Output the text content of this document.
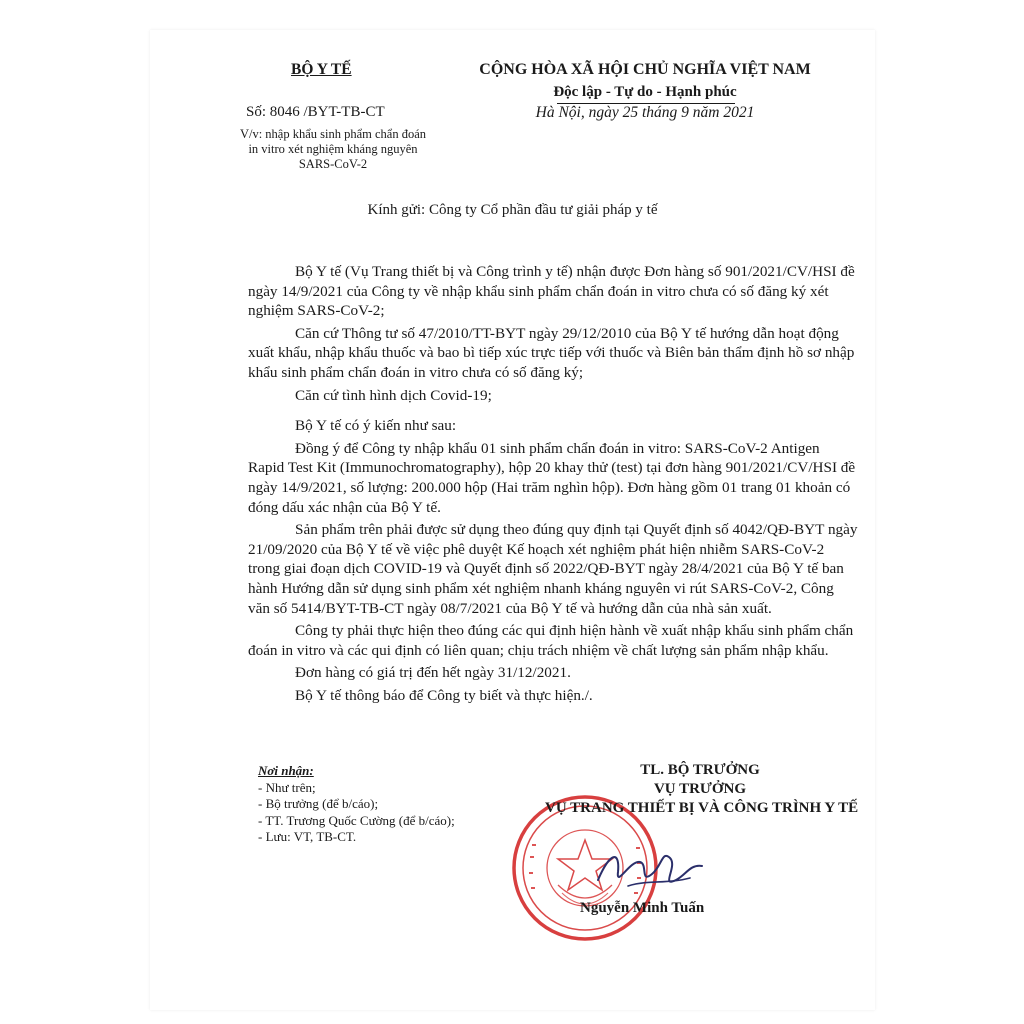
BỘ Y TẾ
Số: 8046 /BYT-TB-CT
V/v: nhập khẩu sinh phẩm chẩn đoán in vitro xét nghiệm kháng nguyên SARS-CoV-2
CỘNG HÒA XÃ HỘI CHỦ NGHĨA VIỆT NAM
Độc lập - Tự do - Hạnh phúc
Hà Nội, ngày 25 tháng 9 năm 2021
Kính gửi: Công ty Cổ phần đầu tư giải pháp y tế

Bộ Y tế (Vụ Trang thiết bị và Công trình y tế) nhận được Đơn hàng số 901/2021/CV/HSI đề ngày 14/9/2021 của Công ty về nhập khẩu sinh phẩm chẩn đoán in vitro chưa có số đăng ký xét nghiệm SARS-CoV-2;

Căn cứ Thông tư số 47/2010/TT-BYT ngày 29/12/2010 của Bộ Y tế hướng dẫn hoạt động xuất khẩu, nhập khẩu thuốc và bao bì tiếp xúc trực tiếp với thuốc và Biên bản thẩm định hồ sơ nhập khẩu sinh phẩm chẩn đoán in vitro chưa có số đăng ký;

Căn cứ tình hình dịch Covid-19;

Bộ Y tế có ý kiến như sau:

Đồng ý để Công ty nhập khẩu 01 sinh phẩm chẩn đoán in vitro: SARS-CoV-2 Antigen Rapid Test Kit (Immunochromatography), hộp 20 khay thử (test) tại đơn hàng 901/2021/CV/HSI đề ngày 14/9/2021, số lượng: 200.000 hộp (Hai trăm nghìn hộp). Đơn hàng gồm 01 trang 01 khoản có đóng dấu xác nhận của Bộ Y tế.

Sản phẩm trên phải được sử dụng theo đúng quy định tại Quyết định số 4042/QĐ-BYT ngày 21/09/2020 của Bộ Y tế về việc phê duyệt Kế hoạch xét nghiệm phát hiện nhiễm SARS-CoV-2 trong giai đoạn dịch COVID-19 và Quyết định số 2022/QĐ-BYT ngày 28/4/2021 của Bộ Y tế ban hành Hướng dẫn sử dụng sinh phẩm xét nghiệm nhanh kháng nguyên vi rút SARS-CoV-2, Công văn số 5414/BYT-TB-CT ngày 08/7/2021 của Bộ Y tế và hướng dẫn của nhà sản xuất.

Công ty phải thực hiện theo đúng các qui định hiện hành về xuất nhập khẩu sinh phẩm chẩn đoán in vitro và các qui định có liên quan; chịu trách nhiệm về chất lượng sản phẩm nhập khẩu.

Đơn hàng có giá trị đến hết ngày 31/12/2021.

Bộ Y tế thông báo để Công ty biết và thực hiện./.

Nơi nhận :
- Như trên;
- Bộ trưởng (để b/cáo);
- TT. Trương Quốc Cường (để b/cáo);
- Lưu: VT, TB-CT.
TL. BỘ TRƯỞNG
VỤ TRƯỞNG
VỤ TRANG THIẾT BỊ VÀ CÔNG TRÌNH Y TẾ
Nguyễn Minh Tuấn
